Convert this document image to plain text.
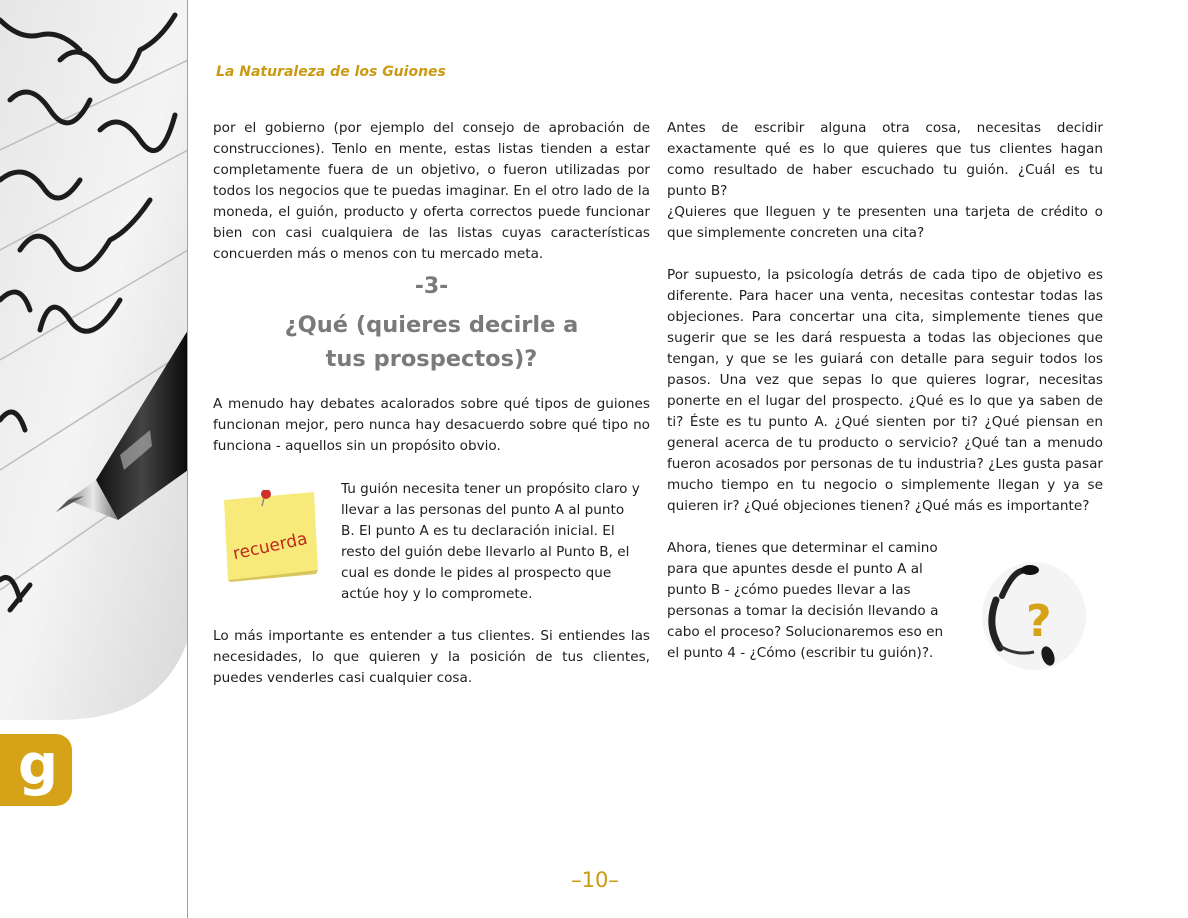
La Naturaleza de los Guiones

por el gobierno (por ejemplo del consejo de aprobación de construcciones). Tenlo en mente, estas listas tienden a estar completamente fuera de un objetivo, o fueron utilizadas por todos los negocios que te puedas imaginar. En el otro lado de la moneda, el guión, producto y oferta correctos puede funcionar bien con casi cualquiera de las listas cuyas características concuerden más o menos con tu mercado meta.

-3-
¿Qué (quieres decirle a
tus prospectos)?

A menudo hay debates acalorados sobre qué tipos de guiones funcionan mejor, pero nunca hay desacuerdo sobre qué tipo no funciona - aquellos sin un propósito obvio.

recuerda

Tu guión necesita tener un propósito claro y llevar a las personas del punto A al punto B. El punto A es tu declaración inicial. El resto del guión debe llevarlo al Punto B, el cual es donde le pides al prospecto que actúe hoy y lo compromete.

Lo más importante es entender a tus clientes. Si entiendes las necesidades, lo que quieren y la posición de tus clientes, puedes venderles casi cualquier cosa.

Antes de escribir alguna otra cosa, necesitas decidir exactamente qué es lo que quieres que tus clientes hagan como resultado de haber escuchado tu guión. ¿Cuál es tu punto B?

¿Quieres que lleguen y te presenten una tarjeta de crédito o que simplemente concreten una cita?

Por supuesto, la psicología detrás de cada tipo de objetivo es diferente. Para hacer una venta, necesitas contestar todas las objeciones. Para concertar una cita, simplemente tienes que sugerir que se les dará respuesta a todas las objeciones que tengan, y que se les guiará con detalle para seguir todos los pasos. Una vez que sepas lo que quieres lograr, necesitas ponerte en el lugar del prospecto. ¿Qué es lo que ya saben de ti? Éste es tu punto A. ¿Qué sienten por ti? ¿Qué piensan en general acerca de tu producto o servicio? ¿Qué tan a menudo fueron acosados por personas de tu industria? ¿Les gusta pasar mucho tiempo en tu negocio o simplemente llegan y ya se quieren ir? ¿Qué objeciones tienen? ¿Qué más es importante?

Ahora, tienes que determinar el camino para que apuntes desde el punto A al punto B - ¿cómo puedes llevar a las personas a tomar la decisión llevando a cabo el proceso? Solucionaremos eso en el punto 4 - ¿Cómo (escribir tu guión)?.

?
g
–10–
